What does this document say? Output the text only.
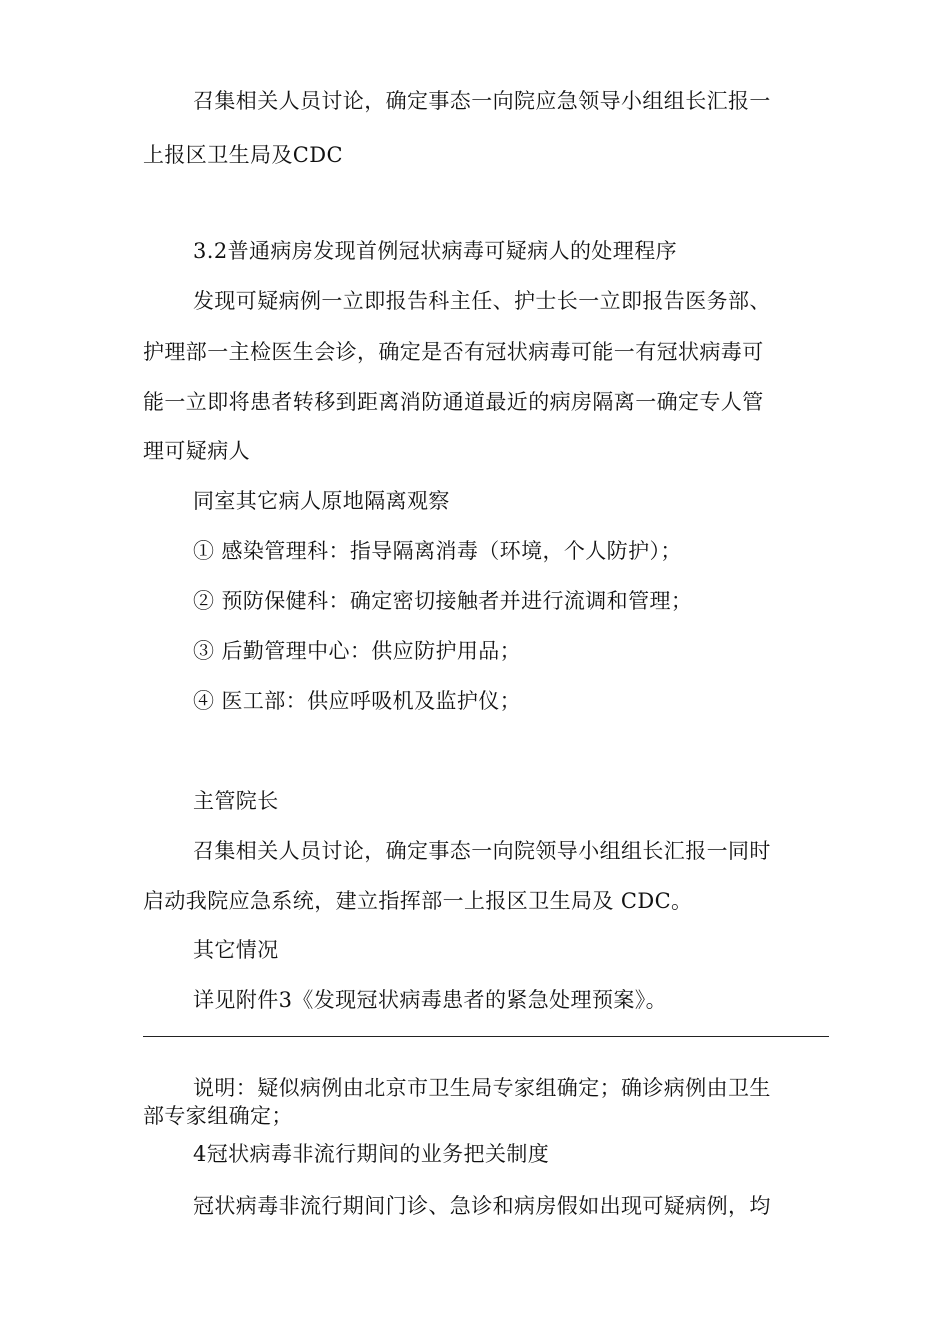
召集相关人员讨论，确定事态一向院应急领导小组组长汇报一
上报区卫生局及CDC
3.2普通病房发现首例冠状病毒可疑病人的处理程序
发现可疑病例一立即报告科主任、护士长一立即报告医务部、
护理部一主检医生会诊，确定是否有冠状病毒可能一有冠状病毒可
能一立即将患者转移到距离消防通道最近的病房隔离一确定专人管
理可疑病人
同室其它病人原地隔离观察
① 感染管理科：指导隔离消毒（环境，个人防护）；
② 预防保健科：确定密切接触者并进行流调和管理；
③ 后勤管理中心：供应防护用品；
④ 医工部：供应呼吸机及监护仪；
主管院长
召集相关人员讨论，确定事态一向院领导小组组长汇报一同时
启动我院应急系统，建立指挥部一上报区卫生局及 CDC。
其它情况
详见附件3《发现冠状病毒患者的紧急处理预案》。
说明：疑似病例由北京市卫生局专家组确定；确诊病例由卫生
部专家组确定；
4冠状病毒非流行期间的业务把关制度
冠状病毒非流行期间门诊、急诊和病房假如出现可疑病例，均
